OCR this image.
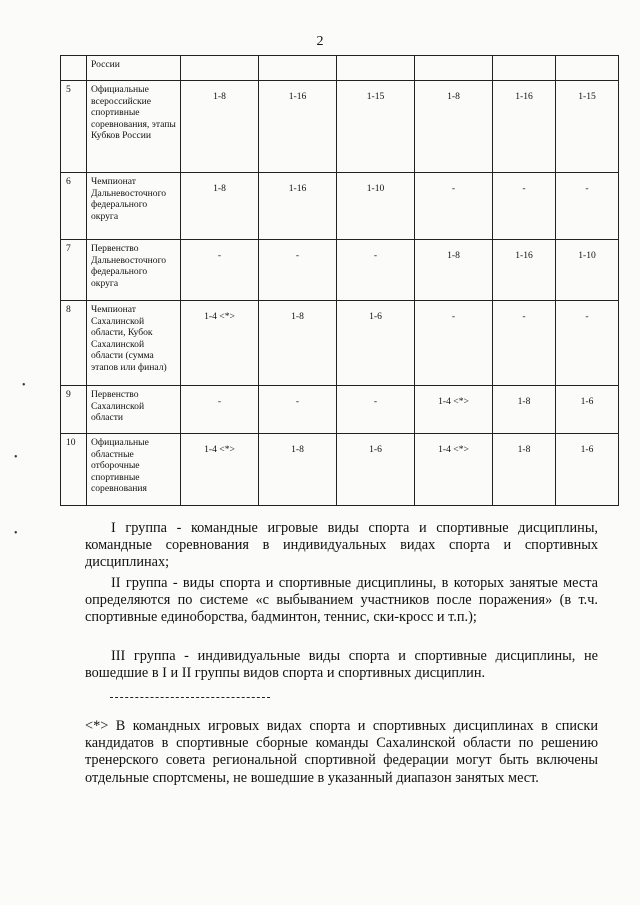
2
	России						
5	Официальные всероссийские спортивные соревнования, этапы Кубков России	1-8	1-16	1-15	1-8	1-16	1-15
6	Чемпионат Дальневосточного федерального округа	1-8	1-16	1-10	-	-	-
7	Первенство Дальневосточного федерального округа	-	-	-	1-8	1-16	1-10
8	Чемпионат Сахалинской области, Кубок Сахалинской области (сумма этапов или финал)	1-4 <*>	1-8	1-6	-	-	-
9	Первенство Сахалинской области	-	-	-	1-4 <*>	1-8	1-6
10	Официальные областные отборочные спортивные соревнования	1-4 <*>	1-8	1-6	1-4 <*>	1-8	1-6
•
•
•	I группа - командные игровые виды спорта и спортивные дисциплины, командные соревнования в индивидуальных видах спорта и спортивных дисциплинах;

II группа - виды спорта и спортивные дисциплины, в которых занятые места определяются по системе «с выбыванием участников после поражения» (в т.ч. спортивные единоборства, бадминтон, теннис, ски-кросс и т.п.);

III группа - индивидуальные виды спорта и спортивные дисциплины, не вошедшие в I и II группы видов спорта и спортивных дисциплин.

<*> В командных игровых видах спорта и спортивных дисциплинах в списки кандидатов в спортивные сборные команды Сахалинской области по решению тренерского совета региональной спортивной федерации могут быть включены отдельные спортсмены, не вошедшие в указанный диапазон занятых мест.
